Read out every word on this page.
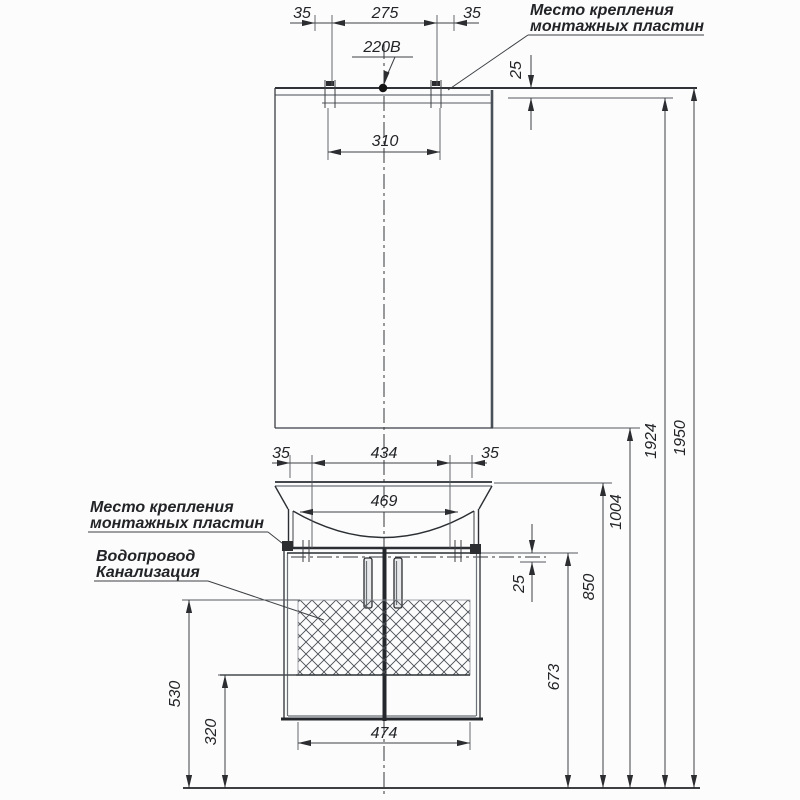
220В
35	275	35
310
25
Место крепления
монтажных пластин
35	434	35
469
25
Место крепления
монтажных пластин
Водопровод
Канализация
474
530
320
673
850
1004
1924 1950
